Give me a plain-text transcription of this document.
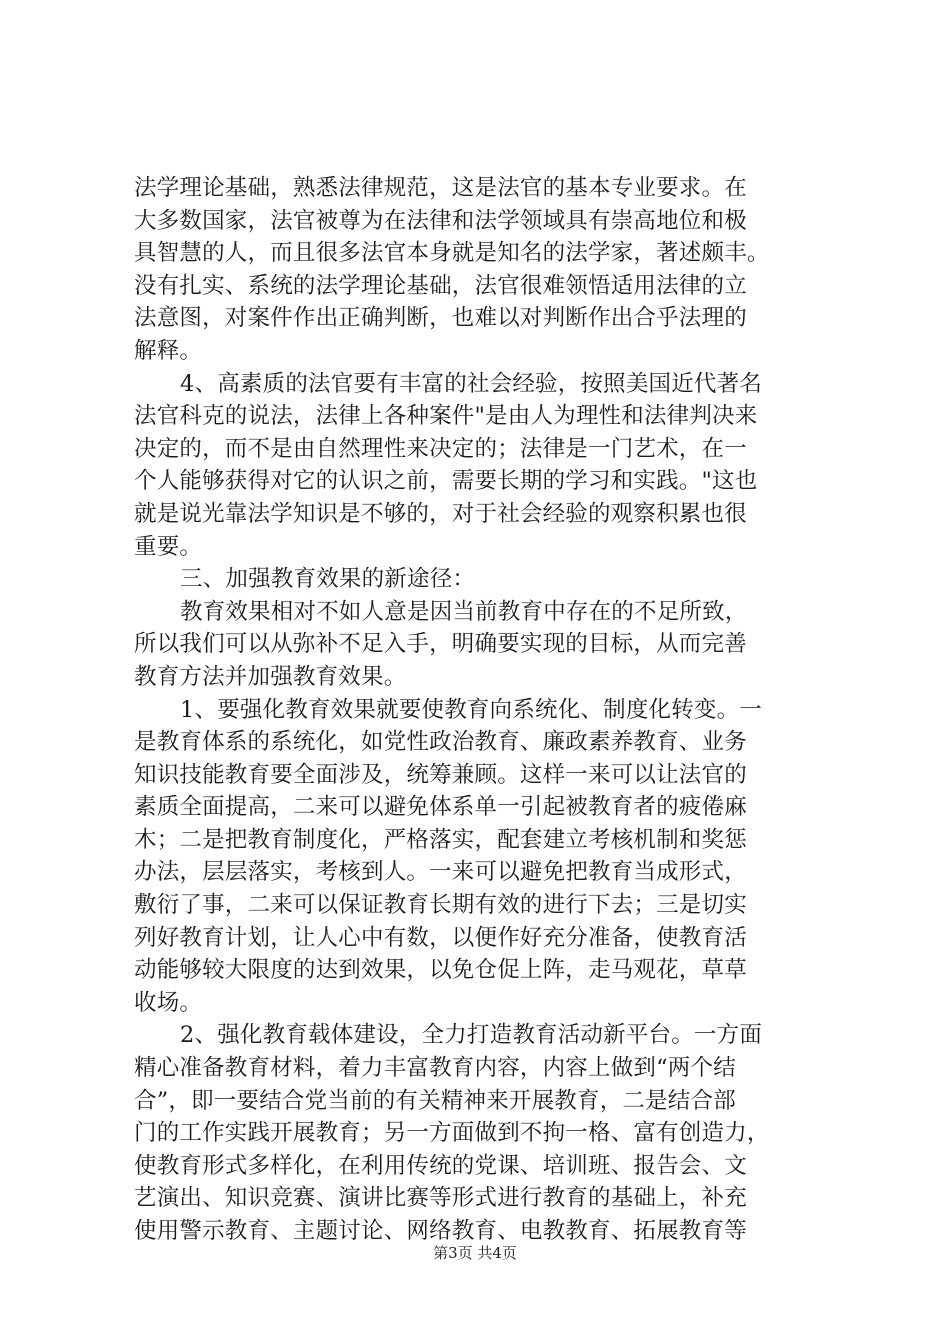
法学理论基础，熟悉法律规范，这是法官的基本专业要求。在
大多数国家，法官被尊为在法律和法学领域具有崇高地位和极
具智慧的人，而且很多法官本身就是知名的法学家，著述颇丰。
没有扎实、系统的法学理论基础，法官很难领悟适用法律的立
法意图，对案件作出正确判断，也难以对判断作出合乎法理的
解释。
4、高素质的法官要有丰富的社会经验，按照美国近代著名
法官科克的说法，法律上各种案件"是由人为理性和法律判决来
决定的，而不是由自然理性来决定的；法律是一门艺术，在一
个人能够获得对它的认识之前，需要长期的学习和实践。"这也
就是说光靠法学知识是不够的，对于社会经验的观察积累也很
重要。
三、加强教育效果的新途径：
教育效果相对不如人意是因当前教育中存在的不足所致，
所以我们可以从弥补不足入手，明确要实现的目标，从而完善
教育方法并加强教育效果。
1、要强化教育效果就要使教育向系统化、制度化转变。一
是教育体系的系统化，如党性政治教育、廉政素养教育、业务
知识技能教育要全面涉及，统筹兼顾。这样一来可以让法官的
素质全面提高，二来可以避免体系单一引起被教育者的疲倦麻
木；二是把教育制度化，严格落实，配套建立考核机制和奖惩
办法，层层落实，考核到人。一来可以避免把教育当成形式，
敷衍了事，二来可以保证教育长期有效的进行下去；三是切实
列好教育计划，让人心中有数，以便作好充分准备，使教育活
动能够较大限度的达到效果，以免仓促上阵，走马观花，草草
收场。
2、强化教育载体建设，全力打造教育活动新平台。一方面
精心准备教育材料，着力丰富教育内容，内容上做到“两个结
合”，即一要结合党当前的有关精神来开展教育，二是结合部
门的工作实践开展教育；另一方面做到不拘一格、富有创造力，
使教育形式多样化，在利用传统的党课、培训班、报告会、文
艺演出、知识竞赛、演讲比赛等形式进行教育的基础上，补充
使用警示教育、主题讨论、网络教育、电教教育、拓展教育等
第3页 共4页
